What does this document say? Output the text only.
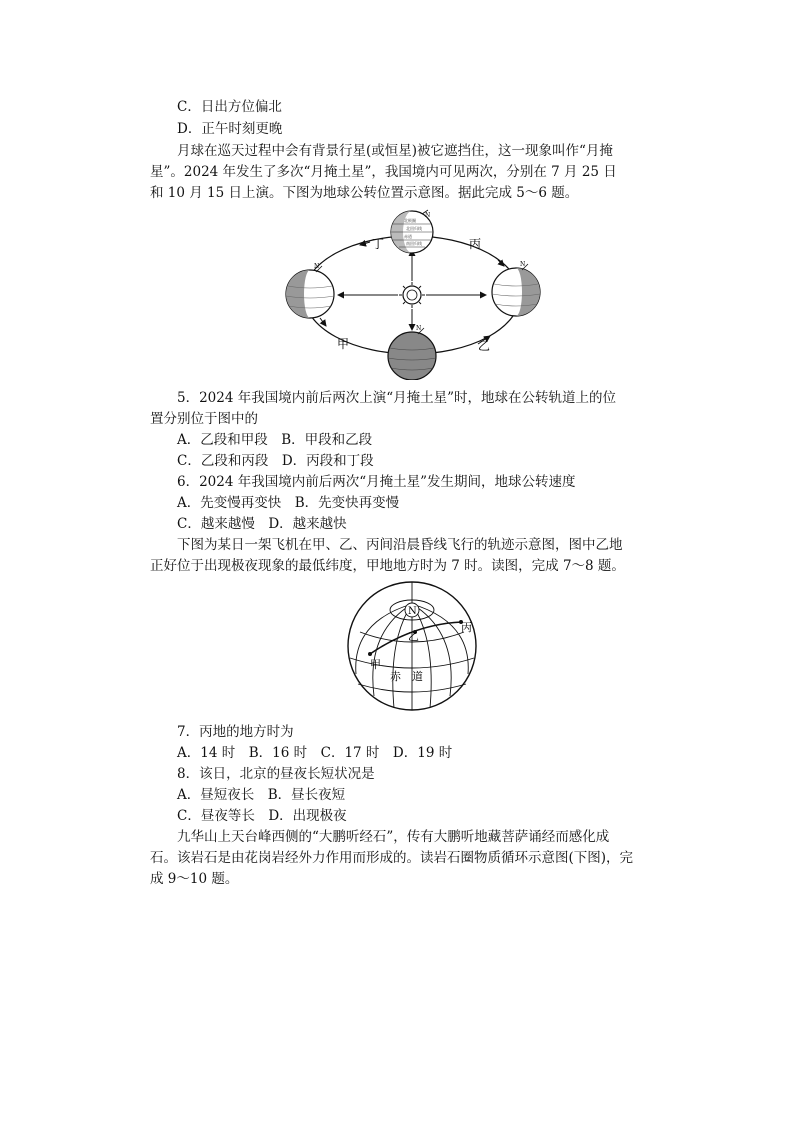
C．日出方位偏北
D．正午时刻更晚
月球在巡天过程中会有背景行星(或恒星)被它遮挡住，这一现象叫作“月掩
星”。2024 年发生了多次“月掩土星”，我国境内可见两次，分别在 7 月 25 日
和 10 月 15 日上演。下图为地球公转位置示意图。据此完成 5～6 题。
北极圈
北回归线
赤道
南回归线
N
N	N
N
丁	丙
甲	乙
5．2024 年我国境内前后两次上演“月掩土星”时，地球在公转轨道上的位
置分别位于图中的
A．乙段和甲段　B．甲段和乙段
C．乙段和丙段　D．丙段和丁段
6．2024 年我国境内前后两次“月掩土星”发生期间，地球公转速度
A．先变慢再变快　B．先变快再变慢
C．越来越慢　D．越来越快
下图为某日一架飞机在甲、乙、丙间沿晨昏线飞行的轨迹示意图，图中乙地
正好位于出现极夜现象的最低纬度，甲地地方时为 7 时。读图，完成 7～8 题。
N
甲
乙
丙
赤　道
7．丙地的地方时为
A．14 时　B．16 时　C．17 时　D．19 时
8．该日，北京的昼夜长短状况是
A．昼短夜长　B．昼长夜短
C．昼夜等长　D．出现极夜
九华山上天台峰西侧的“大鹏听经石”，传有大鹏听地藏菩萨诵经而感化成
石。该岩石是由花岗岩经外力作用而形成的。读岩石圈物质循环示意图(下图)，完
成 9～10 题。
